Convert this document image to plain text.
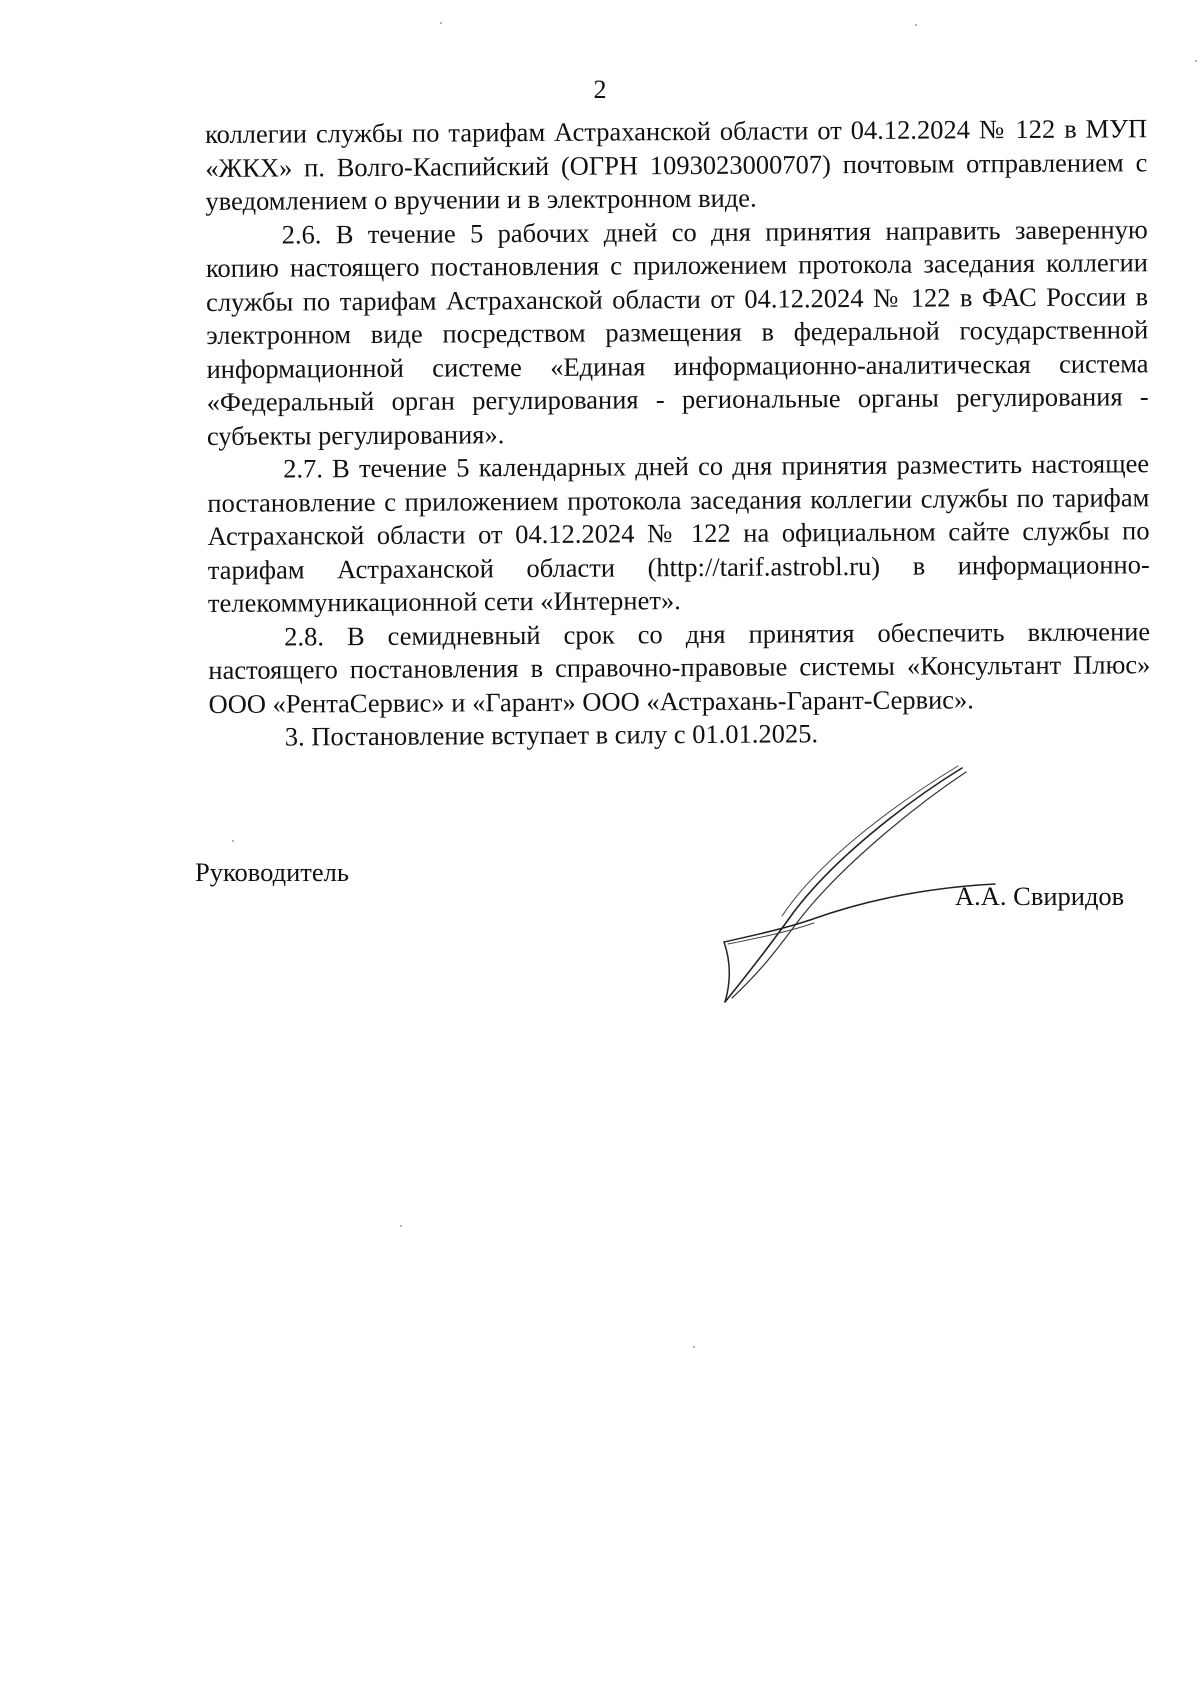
2

коллегии службы по тарифам Астраханской области от 04.12.2024 № 122 в МУП «ЖКХ» п. Волго-Каспийский (ОГРН 1093023000707) почтовым отправлением с уведомлением о вручении и в электронном виде.

2.6. В течение 5 рабочих дней со дня принятия направить заверенную копию настоящего постановления с приложением протокола заседания коллегии службы по тарифам Астраханской области от 04.12.2024 № 122 в ФАС России в электронном виде посредством размещения в федеральной государственной информационной системе «Единая информационно-аналитическая система «Федеральный орган регулирования - региональные органы регулирования - субъекты регулирования».

2.7. В течение 5 календарных дней со дня принятия разместить настоящее постановление с приложением протокола заседания коллегии службы по тарифам Астраханской области от 04.12.2024 № 122 на официальном сайте службы по тарифам Астраханской области (http://tarif.astrobl.ru) в информационно-телекоммуникационной сети «Интернет».

2.8. В семидневный срок со дня принятия обеспечить включение настоящего постановления в справочно-правовые системы «Консультант Плюс» ООО «РентаСервис» и «Гарант» ООО «Астрахань-Гарант-Сервис».

3. Постановление вступает в силу с 01.01.2025.

Руководитель
А.А. Свиридов
